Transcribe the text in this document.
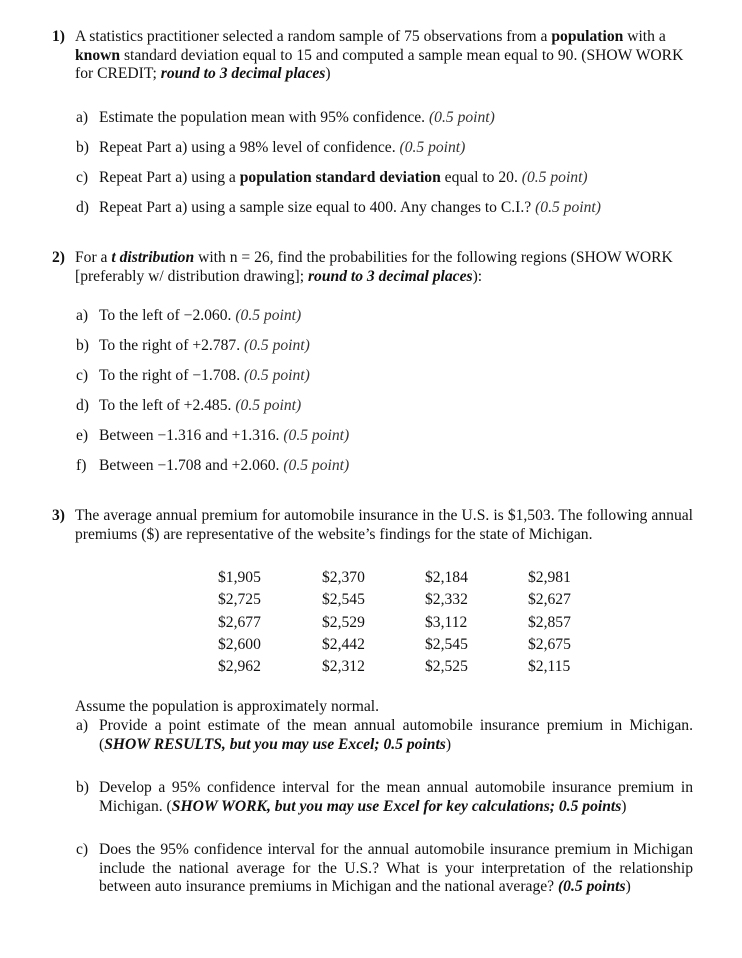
1) A statistics practitioner selected a random sample of 75 observations from a population with a known standard deviation equal to 15 and computed a sample mean equal to 90. (SHOW WORK for CREDIT; round to 3 decimal places)
2) For a t distribution with n = 26, find the probabilities for the following regions (SHOW WORK [preferably w/ distribution drawing]; round to 3 decimal places):
3) The average annual premium for automobile insurance in the U.S. is $1,503. The following annual premiums ($) are representative of the website’s findings for the state of Michigan.
Assume the population is approximately normal.
a) Estimate the population mean with 95% confidence. (0.5 point)
b) Repeat Part a) using a 98% level of confidence. (0.5 point)
c) Repeat Part a) using a population standard deviation equal to 20. (0.5 point)
d) Repeat Part a) using a sample size equal to 400. Any changes to C.I.? (0.5 point)
a) To the left of −2.060. (0.5 point)
b) To the right of +2.787. (0.5 point)
c) To the right of −1.708. (0.5 point)
d) To the left of +2.485. (0.5 point)
e) Between −1.316 and +1.316. (0.5 point)
f) Between −1.708 and +2.060. (0.5 point)
a) Provide a point estimate of the mean annual automobile insurance premium in Michigan. (SHOW RESULTS, but you may use Excel; 0.5 points)
b) Develop a 95% confidence interval for the mean annual automobile insurance premium in Michigan. (SHOW WORK, but you may use Excel for key calculations; 0.5 points)
c) Does the 95% confidence interval for the annual automobile insurance premium in Michigan include the national average for the U.S.? What is your interpretation of the relationship between auto insurance premiums in Michigan and the national average? (0.5 points)
$1,905	$2,370	$2,184	$2,981
$2,725	$2,545	$2,332	$2,627
$2,677	$2,529	$3,112	$2,857
$2,600	$2,442	$2,545	$2,675
$2,962	$2,312	$2,525	$2,115
